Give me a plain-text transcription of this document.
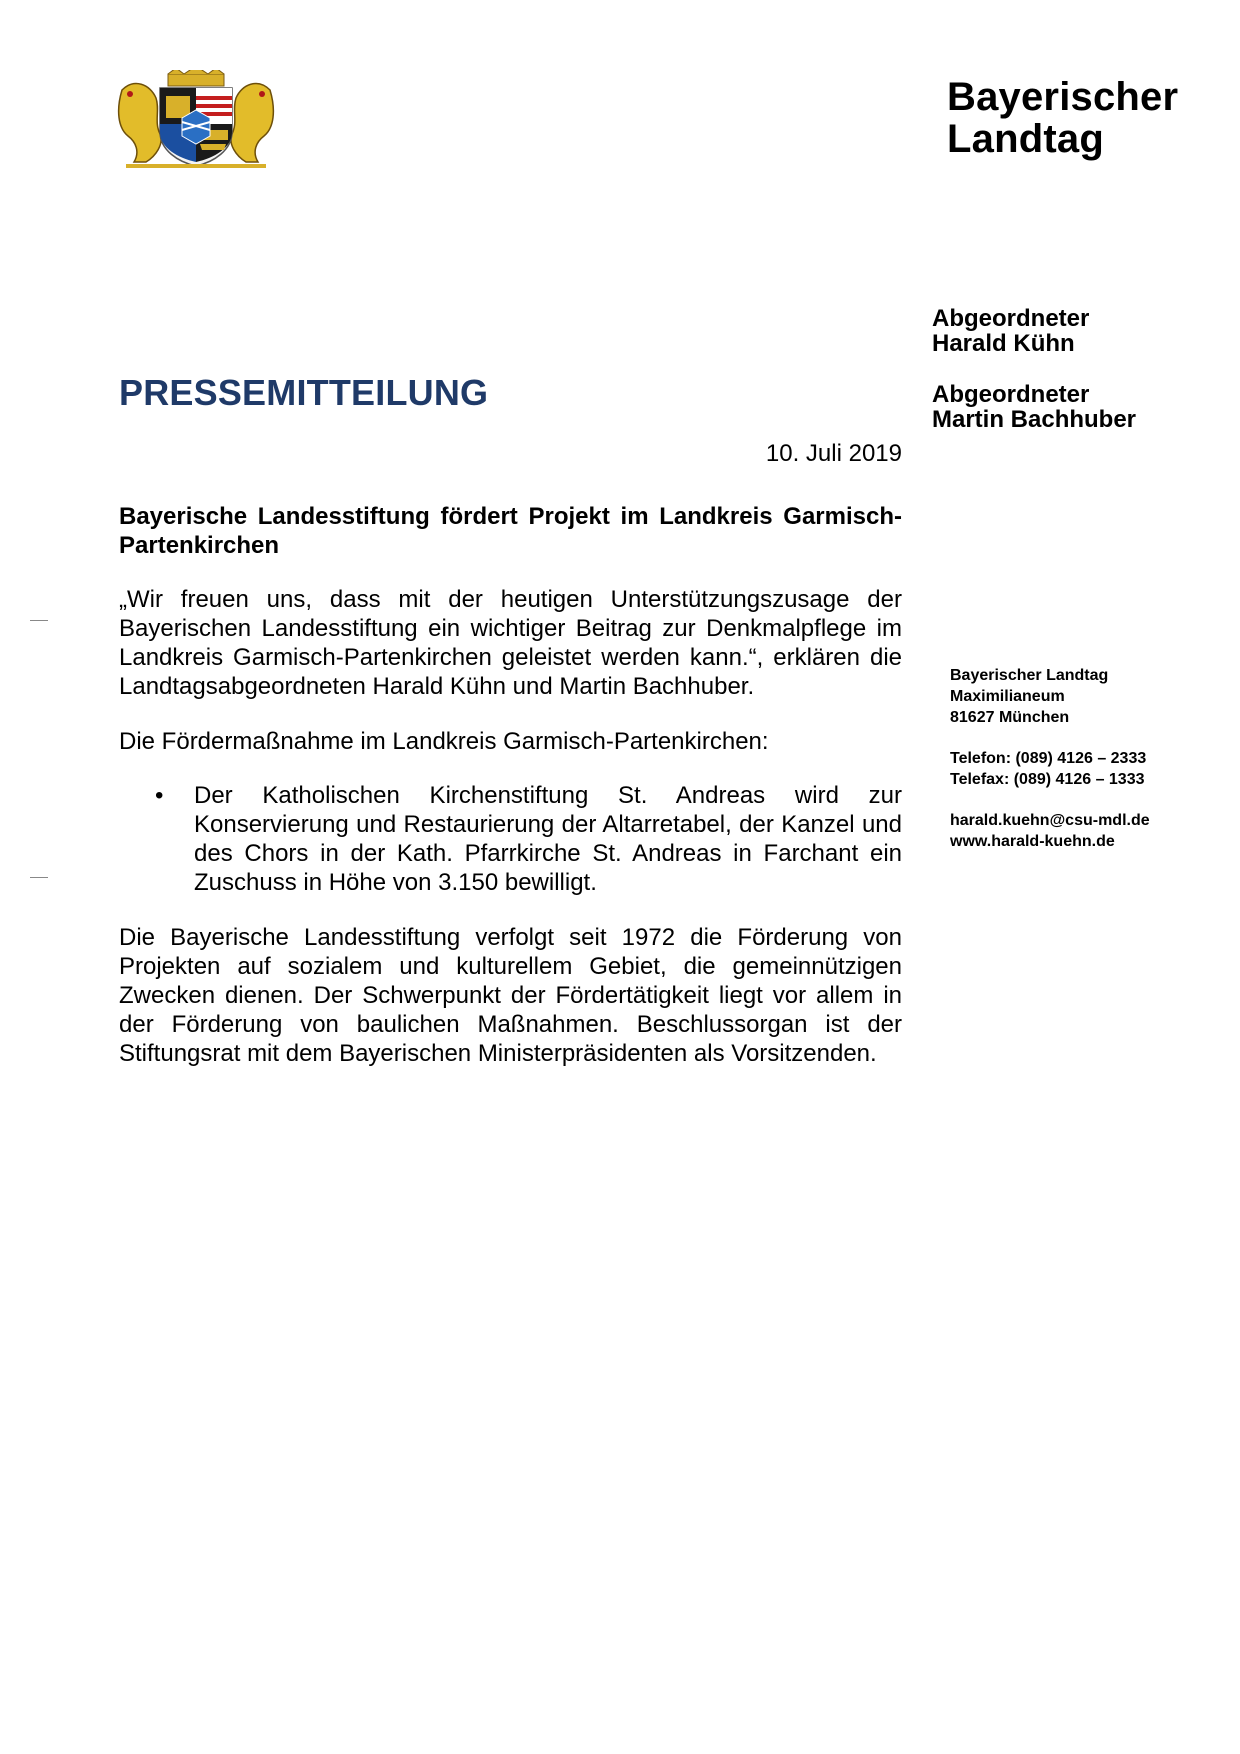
Bayerischer
Landtag
Abgeordneter
Harald Kühn
Abgeordneter
Martin Bachhuber
PRESSEMITTEILUNG
10. Juli 2019
Bayerische Landesstiftung fördert Projekt im Landkreis Garmisch-Partenkirchen
„Wir freuen uns, dass mit der heutigen Unterstützungszusage der Bayerischen Landesstiftung ein wichtiger Beitrag zur Denkmalpflege im Landkreis Garmisch-Partenkirchen geleistet werden kann.“, erklären die Landtagsabgeordneten Harald Kühn und Martin Bachhuber.
Die Fördermaßnahme im Landkreis Garmisch-Partenkirchen:
• Der Katholischen Kirchenstiftung St. Andreas wird zur Konservierung und Restaurierung der Altarretabel, der Kanzel und des Chors in der Kath. Pfarrkirche St. Andreas in Farchant ein Zuschuss in Höhe von 3.150 bewilligt.
Die Bayerische Landesstiftung verfolgt seit 1972 die Förderung von Projekten auf sozialem und kulturellem Gebiet, die gemeinnützigen Zwecken dienen. Der Schwerpunkt der Fördertätigkeit liegt vor allem in der Förderung von baulichen Maßnahmen. Beschlussorgan ist der Stiftungsrat mit dem Bayerischen Ministerpräsidenten als Vorsitzenden.
Bayerischer Landtag
Maximilianeum
81627 München
Telefon: (089) 4126 – 2333
Telefax: (089) 4126 – 1333
harald.kuehn@csu-mdl.de
www.harald-kuehn.de
